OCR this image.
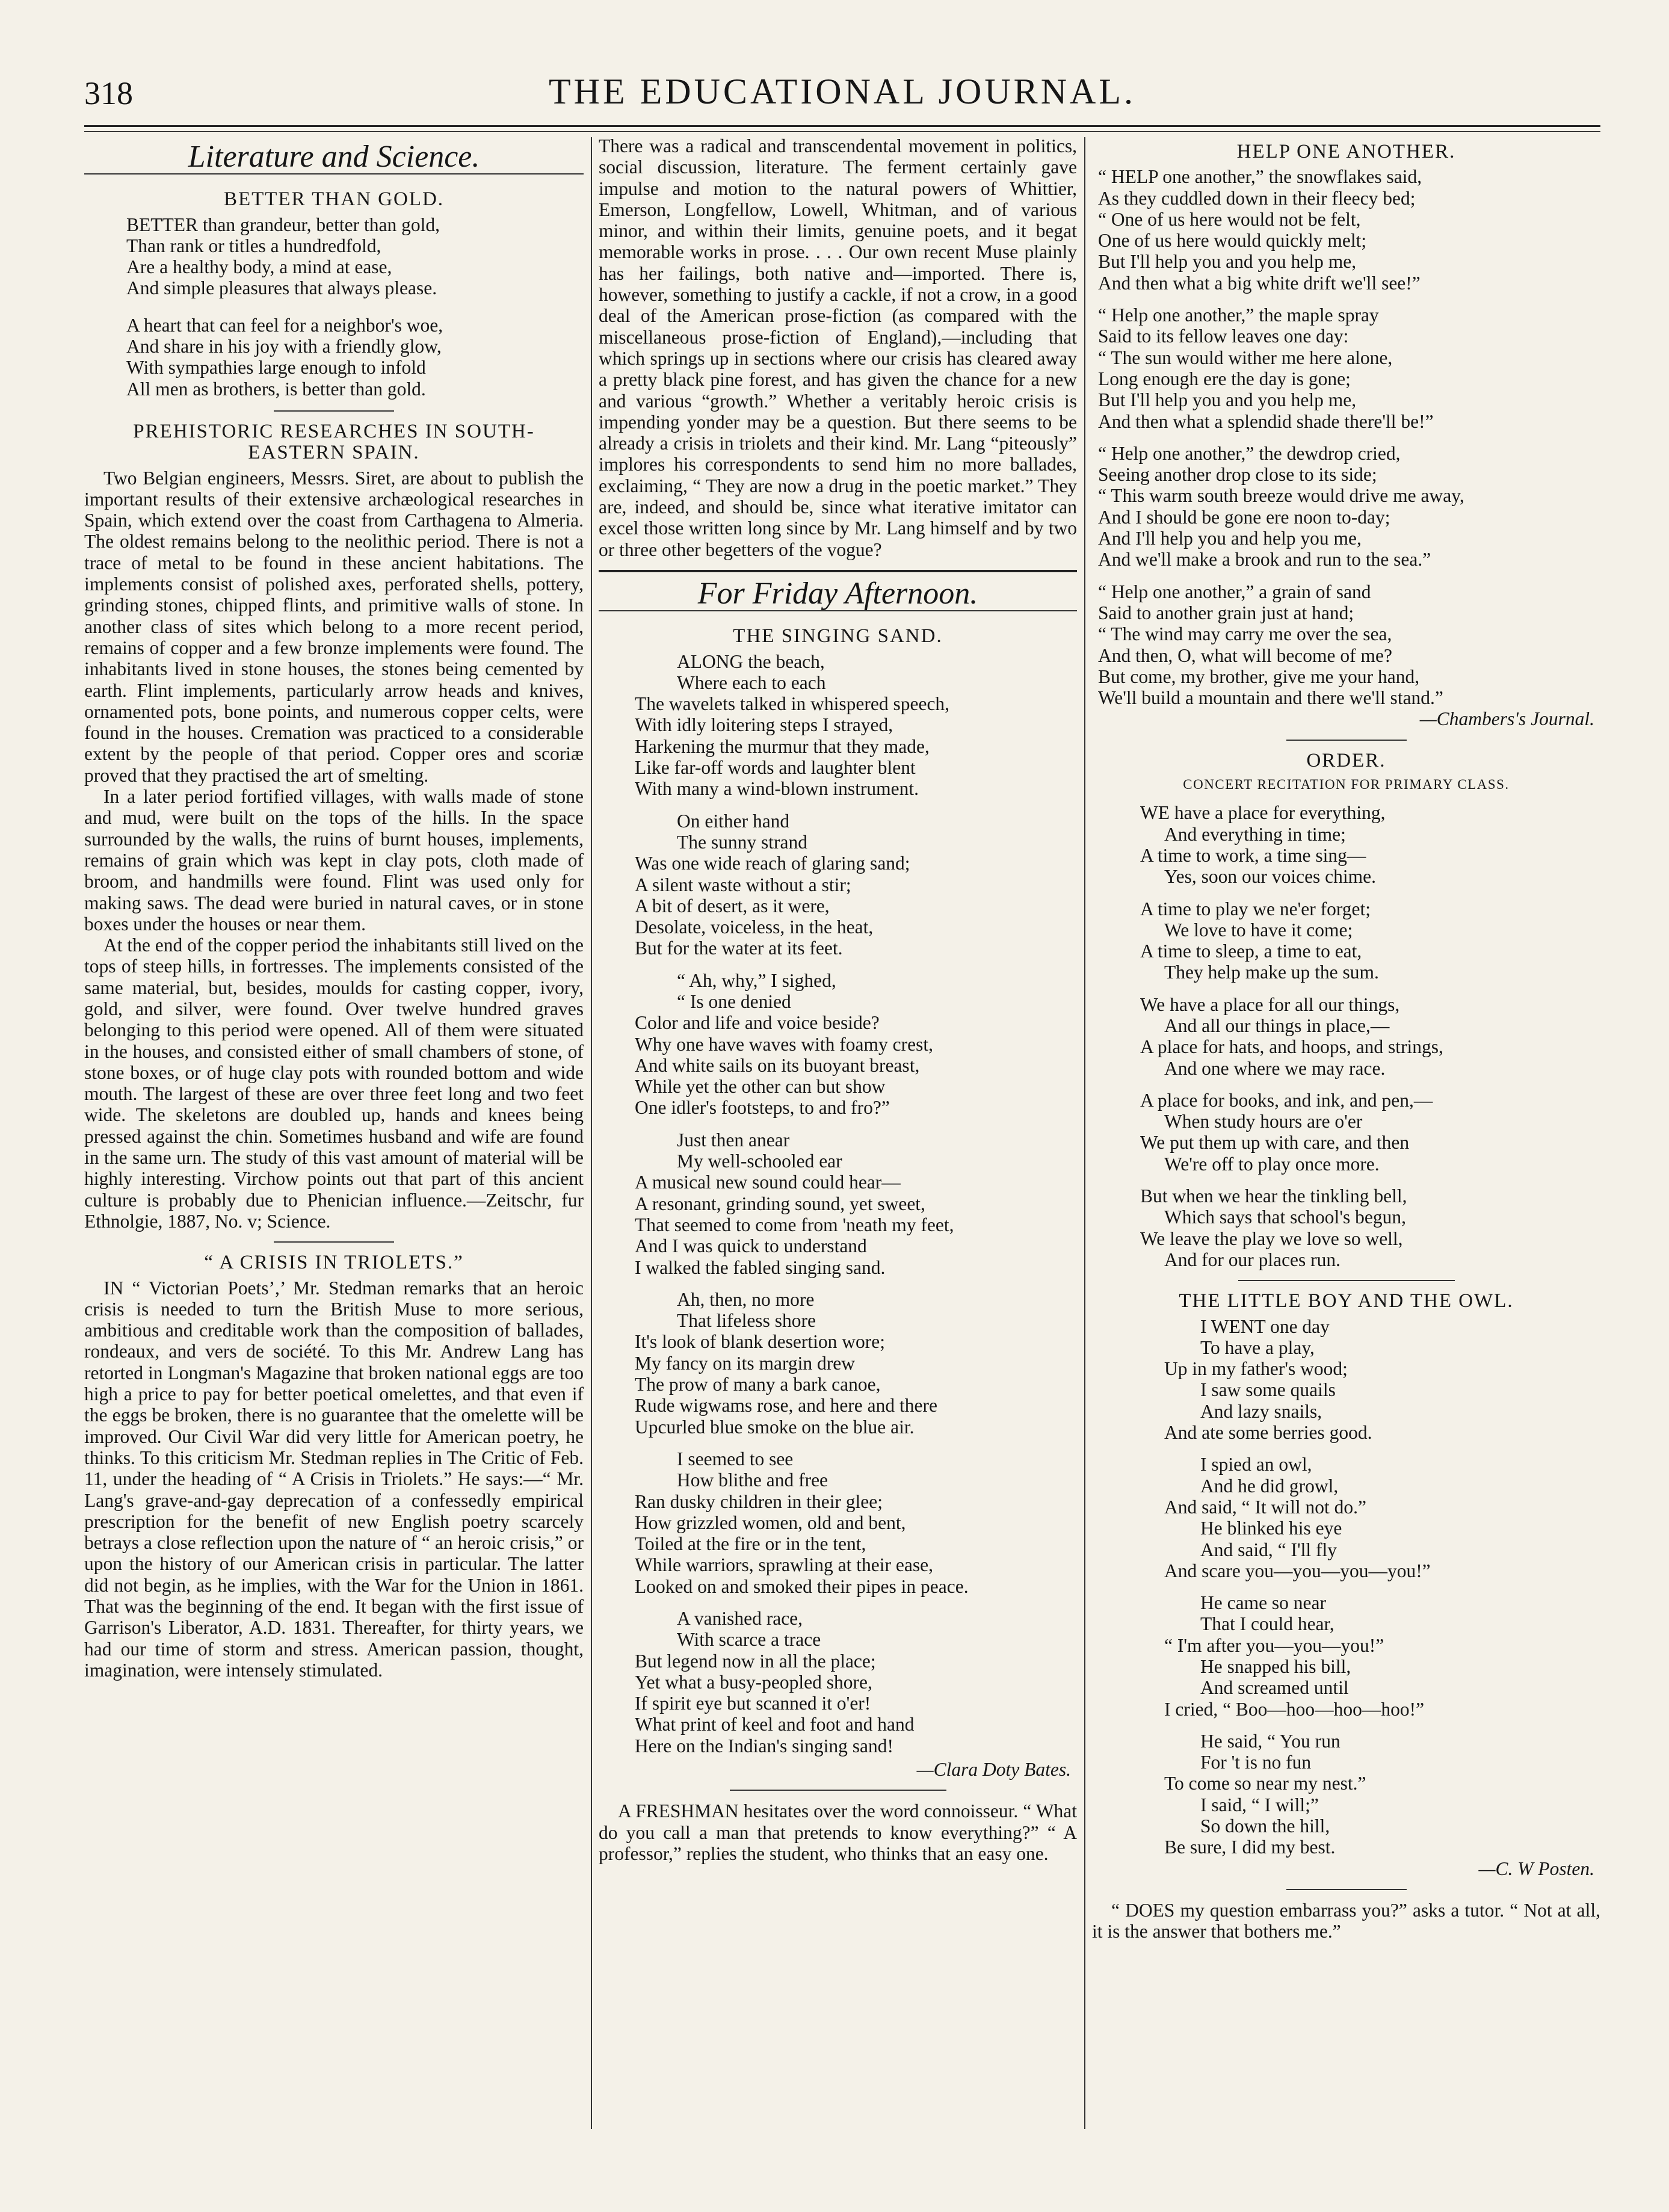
318	THE EDUCATIONAL JOURNAL.
Literature and Science.
BETTER THAN GOLD.

BETTER than grandeur, better than gold,

Than rank or titles a hundredfold,

Are a healthy body, a mind at ease,

And simple pleasures that always please.

A heart that can feel for a neighbor's woe,

And share in his joy with a friendly glow,

With sympathies large enough to infold

All men as brothers, is better than gold.

PREHISTORIC RESEARCHES IN SOUTH-
EASTERN SPAIN.

Two Belgian engineers, Messrs. Siret, are about to publish the important results of their extensive archæological researches in Spain, which extend over the coast from Carthagena to Almeria. The oldest remains belong to the neolithic period. There is not a trace of metal to be found in these ancient habitations. The implements consist of polished axes, perforated shells, pottery, grinding stones, chipped flints, and primitive walls of stone. In another class of sites which belong to a more recent period, remains of copper and a few bronze implements were found. The inhabitants lived in stone houses, the stones being cemented by earth. Flint implements, particularly arrow heads and knives, ornamented pots, bone points, and numerous copper celts, were found in the houses. Cremation was practiced to a considerable extent by the people of that period. Copper ores and scoriæ proved that they practised the art of smelting.

In a later period fortified villages, with walls made of stone and mud, were built on the tops of the hills. In the space surrounded by the walls, the ruins of burnt houses, implements, remains of grain which was kept in clay pots, cloth made of broom, and handmills were found. Flint was used only for making saws. The dead were buried in natural caves, or in stone boxes under the houses or near them.

At the end of the copper period the inhabitants still lived on the tops of steep hills, in fortresses. The implements consisted of the same material, but, besides, moulds for casting copper, ivory, gold, and silver, were found. Over twelve hundred graves belonging to this period were opened. All of them were situated in the houses, and consisted either of small chambers of stone, of stone boxes, or of huge clay pots with rounded bottom and wide mouth. The largest of these are over three feet long and two feet wide. The skeletons are doubled up, hands and knees being pressed against the chin. Sometimes husband and wife are found in the same urn. The study of this vast amount of material will be highly interesting. Virchow points out that part of this ancient culture is probably due to Phenician influence.—Zeitschr, fur Ethnolgie, 1887, No. v; Science.

“ A CRISIS IN TRIOLETS.”

IN “ Victorian Poets’,’ Mr. Stedman remarks that an heroic crisis is needed to turn the British Muse to more serious, ambitious and creditable work than the composition of ballades, rondeaux, and vers de société. To this Mr. Andrew Lang has retorted in Longman's Magazine that broken national eggs are too high a price to pay for better poetical omelettes, and that even if the eggs be broken, there is no guarantee that the omelette will be improved. Our Civil War did very little for American poetry, he thinks. To this criticism Mr. Stedman replies in The Critic of Feb. 11, under the heading of “ A Crisis in Triolets.” He says:—“ Mr. Lang's grave-and-gay deprecation of a confessedly empirical prescription for the benefit of new English poetry scarcely betrays a close reflection upon the nature of “ an heroic crisis,” or upon the history of our American crisis in particular. The latter did not begin, as he implies, with the War for the Union in 1861. That was the beginning of the end. It began with the first issue of Garrison's Liberator, A.D. 1831. Thereafter, for thirty years, we had our time of storm and stress. American passion, thought, imagination, were intensely stimulated.

There was a radical and transcendental movement in politics, social discussion, literature. The ferment certainly gave impulse and motion to the natural powers of Whittier, Emerson, Longfellow, Lowell, Whitman, and of various minor, and within their limits, genuine poets, and it begat memorable works in prose. . . . Our own recent Muse plainly has her failings, both native and—imported. There is, however, something to justify a cackle, if not a crow, in a good deal of the American prose-fiction (as compared with the miscellaneous prose-fiction of England),—including that which springs up in sections where our crisis has cleared away a pretty black pine forest, and has given the chance for a new and various “growth.” Whether a veritably heroic crisis is impending yonder may be a question. But there seems to be already a crisis in triolets and their kind. Mr. Lang “piteously” implores his correspondents to send him no more ballades, exclaiming, “ They are now a drug in the poetic market.” They are, indeed, and should be, since what iterative imitator can excel those written long since by Mr. Lang himself and by two or three other begetters of the vogue?

For Friday Afternoon.
THE SINGING SAND.

ALONG the beach,

Where each to each

The wavelets talked in whispered speech,

With idly loitering steps I strayed,

Harkening the murmur that they made,

Like far-off words and laughter blent

With many a wind-blown instrument.

On either hand

The sunny strand

Was one wide reach of glaring sand;

A silent waste without a stir;

A bit of desert, as it were,

Desolate, voiceless, in the heat,

But for the water at its feet.

“ Ah, why,” I sighed,

“ Is one denied

Color and life and voice beside?

Why one have waves with foamy crest,

And white sails on its buoyant breast,

While yet the other can but show

One idler's footsteps, to and fro?”

Just then anear

My well-schooled ear

A musical new sound could hear—

A resonant, grinding sound, yet sweet,

That seemed to come from 'neath my feet,

And I was quick to understand

I walked the fabled singing sand.

Ah, then, no more

That lifeless shore

It's look of blank desertion wore;

My fancy on its margin drew

The prow of many a bark canoe,

Rude wigwams rose, and here and there

Upcurled blue smoke on the blue air.

I seemed to see

How blithe and free

Ran dusky children in their glee;

How grizzled women, old and bent,

Toiled at the fire or in the tent,

While warriors, sprawling at their ease,

Looked on and smoked their pipes in peace.

A vanished race,

With scarce a trace

But legend now in all the place;

Yet what a busy-peopled shore,

If spirit eye but scanned it o'er!

What print of keel and foot and hand

Here on the Indian's singing sand!

—Clara Doty Bates.

A FRESHMAN hesitates over the word connoisseur. “ What do you call a man that pretends to know everything?” “ A professor,” replies the student, who thinks that an easy one.

HELP ONE ANOTHER.

“ HELP one another,” the snowflakes said,

As they cuddled down in their fleecy bed;

“ One of us here would not be felt,

One of us here would quickly melt;

But I'll help you and you help me,

And then what a big white drift we'll see!”

“ Help one another,” the maple spray

Said to its fellow leaves one day:

“ The sun would wither me here alone,

Long enough ere the day is gone;

But I'll help you and you help me,

And then what a splendid shade there'll be!”

“ Help one another,” the dewdrop cried,

Seeing another drop close to its side;

“ This warm south breeze would drive me away,

And I should be gone ere noon to-day;

And I'll help you and help you me,

And we'll make a brook and run to the sea.”

“ Help one another,” a grain of sand

Said to another grain just at hand;

“ The wind may carry me over the sea,

And then, O, what will become of me?

But come, my brother, give me your hand,

We'll build a mountain and there we'll stand.”

—Chambers's Journal.
ORDER.
CONCERT RECITATION FOR PRIMARY CLASS.

WE have a place for everything,

And everything in time;

A time to work, a time sing—

Yes, soon our voices chime.

A time to play we ne'er forget;

We love to have it come;

A time to sleep, a time to eat,

They help make up the sum.

We have a place for all our things,

And all our things in place,—

A place for hats, and hoops, and strings,

And one where we may race.

A place for books, and ink, and pen,—

When study hours are o'er

We put them up with care, and then

We're off to play once more.

But when we hear the tinkling bell,

Which says that school's begun,

We leave the play we love so well,

And for our places run.

THE LITTLE BOY AND THE OWL.

I WENT one day

To have a play,

Up in my father's wood;

I saw some quails

And lazy snails,

And ate some berries good.

I spied an owl,

And he did growl,

And said, “ It will not do.”

He blinked his eye

And said, “ I'll fly

And scare you—you—you—you!”

He came so near

That I could hear,

“ I'm after you—you—you!”

He snapped his bill,

And screamed until

I cried, “ Boo—hoo—hoo—hoo!”

He said, “ You run

For 't is no fun

To come so near my nest.”

I said, “ I will;”

So down the hill,

Be sure, I did my best.

—C. W Posten.

“ DOES my question embarrass you?” asks a tutor. “ Not at all, it is the answer that bothers me.”
